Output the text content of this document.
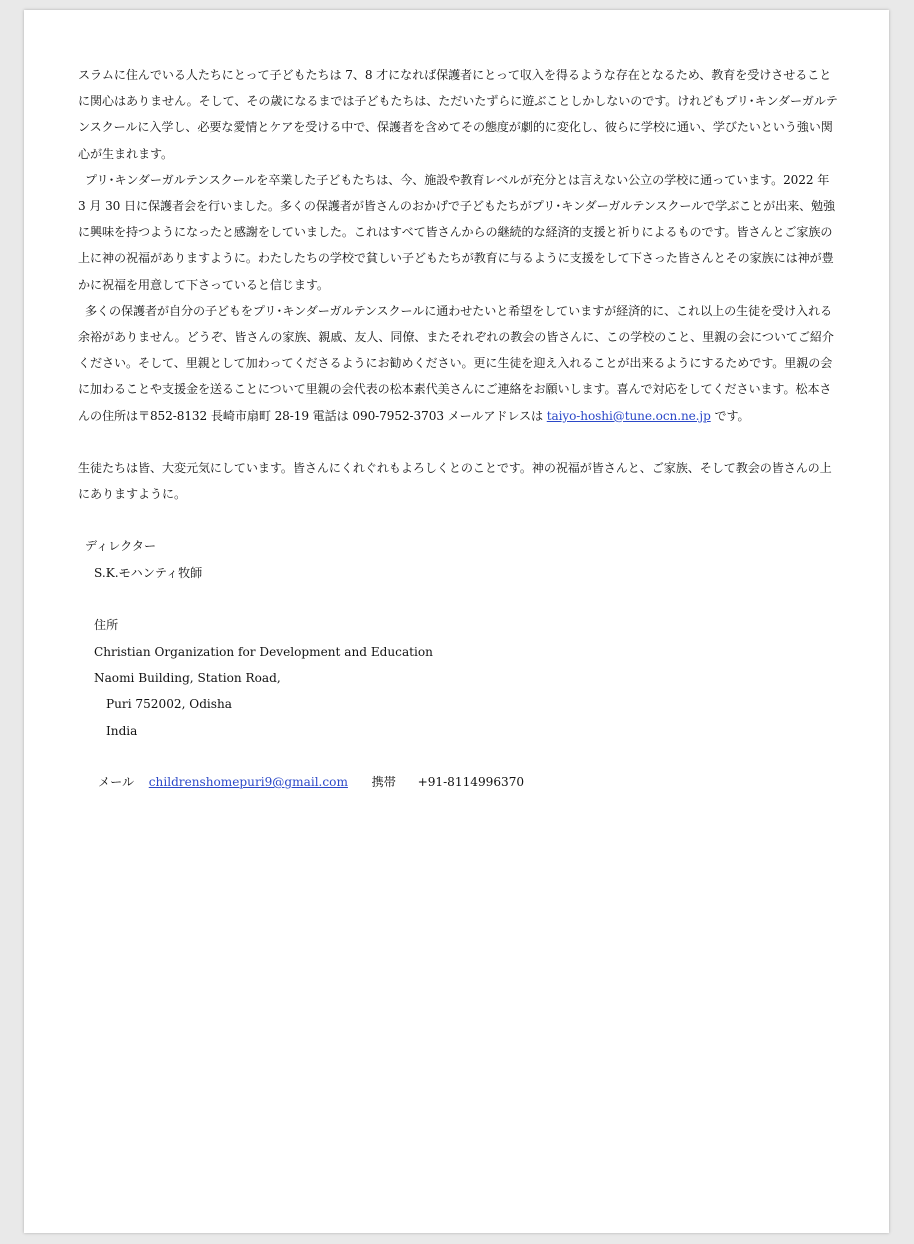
スラムに住んでいる人たちにとって子どもたちは 7、8 才になれば保護者にとって収入を得るような存在となるため、教育を受けさせることに関心はありません。そして、その歳になるまでは子どもたちは、ただいたずらに遊ぶことしかしないのです。けれどもプリ･キンダーガルテンスクールに入学し、必要な愛情とケアを受ける中で、保護者を含めてその態度が劇的に変化し、彼らに学校に通い、学びたいという強い関心が生まれます。

プリ･キンダーガルテンスクールを卒業した子どもたちは、今、施設や教育レベルが充分とは言えない公立の学校に通っています。2022 年 3 月 30 日に保護者会を行いました。多くの保護者が皆さんのおかげで子どもたちがプリ･キンダーガルテンスクールで学ぶことが出来、勉強に興味を持つようになったと感謝をしていました。これはすべて皆さんからの継続的な経済的支援と祈りによるものです。皆さんとご家族の上に神の祝福がありますように。わたしたちの学校で貧しい子どもたちが教育に与るように支援をして下さった皆さんとその家族には神が豊かに祝福を用意して下さっていると信じます。

多くの保護者が自分の子どもをプリ･キンダーガルテンスクールに通わせたいと希望をしていますが経済的に、これ以上の生徒を受け入れる余裕がありません。どうぞ、皆さんの家族、親戚、友人、同僚、またそれぞれの教会の皆さんに、この学校のこと、里親の会についてご紹介ください。そして、里親として加わってくださるようにお勧めください。更に生徒を迎え入れることが出来るようにするためです。里親の会に加わることや支援金を送ることについて里親の会代表の松本素代美さんにご連絡をお願いします。喜んで対応をしてくださいます。松本さんの住所は〒852-8132 長崎市扇町 28-19 電話は 090-7952-3703 メールアドレスは taiyo-hoshi@tune.ocn.ne.jp です。

生徒たちは皆、大変元気にしています。皆さんにくれぐれもよろしくとのことです。神の祝福が皆さんと、ご家族、そして教会の皆さんの上にありますように。

ディレクター
S.K.モハンティ牧師
住所
Christian Organization for Development and Education
Naomi Building, Station Road,
Puri 752002, Odisha
India
メール childrenshomepuri9@gmail.com 携帯 +91-8114996370
